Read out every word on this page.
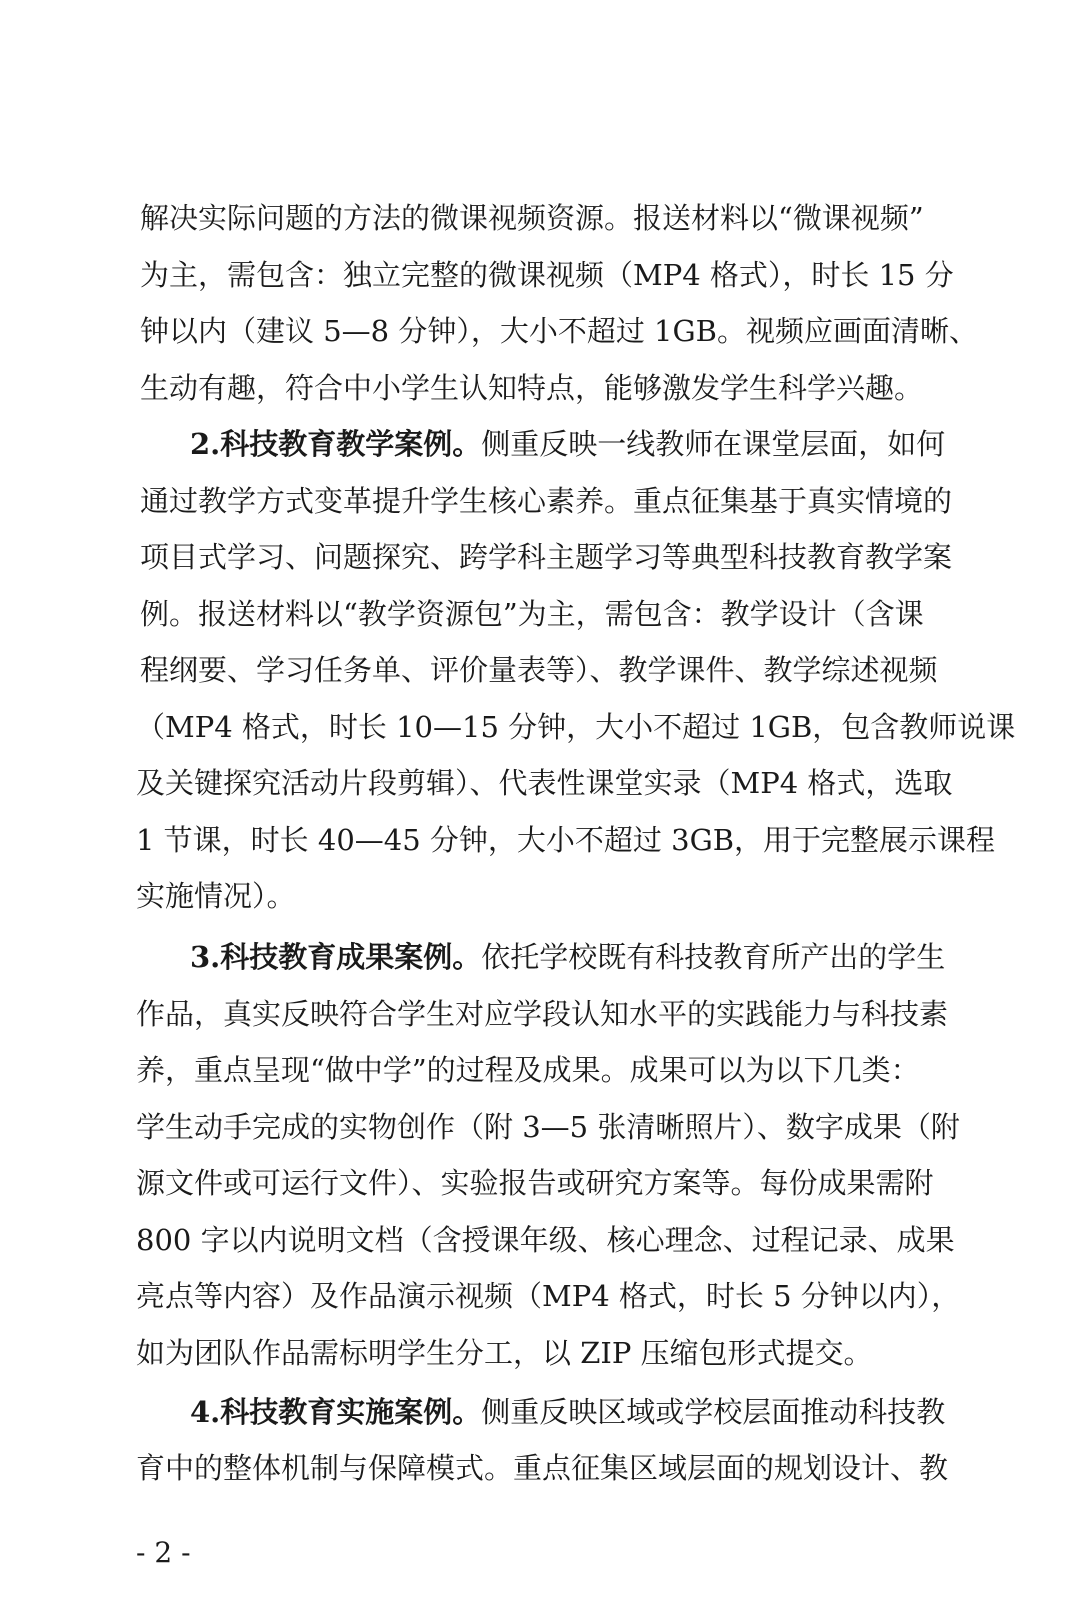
解决实际问题的方法的微课视频资源。报送材料以“微课视频”
为主，需包含：独立完整的微课视频（MP4 格式），时长 15 分
钟以内（建议 5—8 分钟），大小不超过 1GB。视频应画面清晰、
生动有趣，符合中小学生认知特点，能够激发学生科学兴趣。
2.科技教育教学案例。侧重反映一线教师在课堂层面，如何
通过教学方式变革提升学生核心素养。重点征集基于真实情境的
项目式学习、问题探究、跨学科主题学习等典型科技教育教学案
例。报送材料以“教学资源包”为主，需包含：教学设计（含课
程纲要、学习任务单、评价量表等）、教学课件、教学综述视频
（MP4 格式，时长 10—15 分钟，大小不超过 1GB，包含教师说课
及关键探究活动片段剪辑）、代表性课堂实录（MP4 格式，选取
1 节课，时长 40—45 分钟，大小不超过 3GB，用于完整展示课程
实施情况）。
3.科技教育成果案例。依托学校既有科技教育所产出的学生
作品，真实反映符合学生对应学段认知水平的实践能力与科技素
养，重点呈现“做中学”的过程及成果。成果可以为以下几类：
学生动手完成的实物创作（附 3—5 张清晰照片）、数字成果（附
源文件或可运行文件）、实验报告或研究方案等。每份成果需附
800 字以内说明文档（含授课年级、核心理念、过程记录、成果
亮点等内容）及作品演示视频（MP4 格式，时长 5 分钟以内），
如为团队作品需标明学生分工，以 ZIP 压缩包形式提交。
4.科技教育实施案例。侧重反映区域或学校层面推动科技教
育中的整体机制与保障模式。重点征集区域层面的规划设计、教
- 2 -
